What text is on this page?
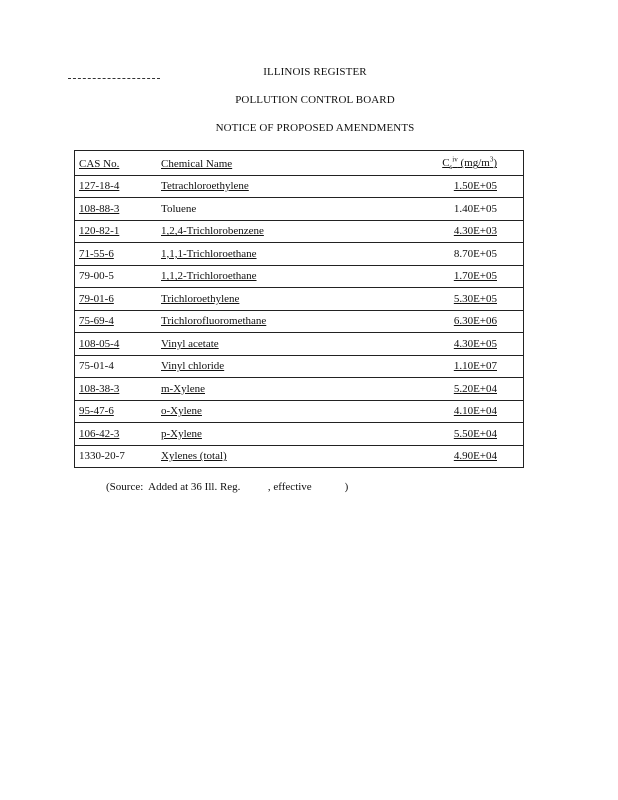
ILLINOIS REGISTER
POLLUTION CONTROL BOARD
NOTICE OF PROPOSED AMENDMENTS
CAS No.	Chemical Name	$C_s^{iv}$ $(mg/m^3)$
127-18-4	Tetrachloroethylene	1.50E+05
108-88-3	Toluene	1.40E+05
120-82-1	1,2,4-Trichlorobenzene	4.30E+03
71-55-6	1,1,1-Trichloroethane	8.70E+05
79-00-5	1,1,2-Trichloroethane	1.70E+05
79-01-6	Trichloroethylene	5.30E+05
75-69-4	Trichlorofluoromethane	6.30E+06
108-05-4	Vinyl acetate	4.30E+05
75-01-4	Vinyl chloride	1.10E+07
108-38-3	m-Xylene	5.20E+04
95-47-6	o-Xylene	4.10E+04
106-42-3	p-Xylene	5.50E+04
1330-20-7	Xylenes (total)	4.90E+04
(Source:  Added at 36 Ill. Reg.          , effective            )
